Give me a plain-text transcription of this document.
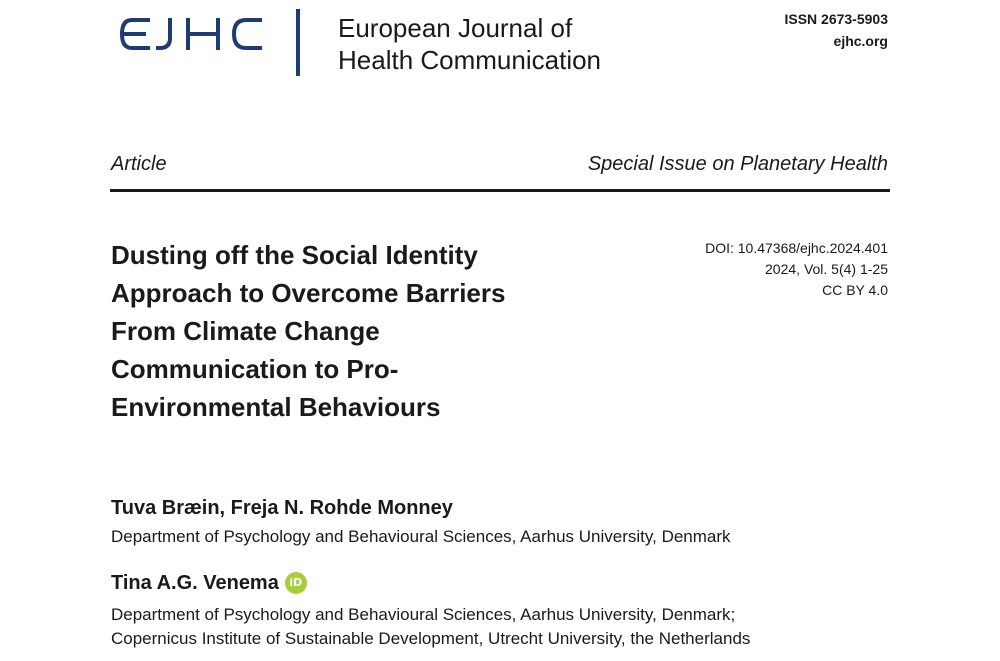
European Journal of
Health Communication
ISSN 2673-5903
ejhc.org
Article	Special Issue on Planetary Health
Dusting off the Social Identity
Approach to Overcome Barriers
From Climate Change
Communication to Pro-
Environmental Behaviours
DOI: 10.47368/ejhc.2024.401
2024, Vol. 5(4) 1-25
CC BY 4.0
Tuva Bræin, Freja N. Rohde Monney
Department of Psychology and Behavioural Sciences, Aarhus University, Denmark
Tina A.G. Venema iD
Department of Psychology and Behavioural Sciences, Aarhus University, Denmark;
Copernicus Institute of Sustainable Development, Utrecht University, the Netherlands
